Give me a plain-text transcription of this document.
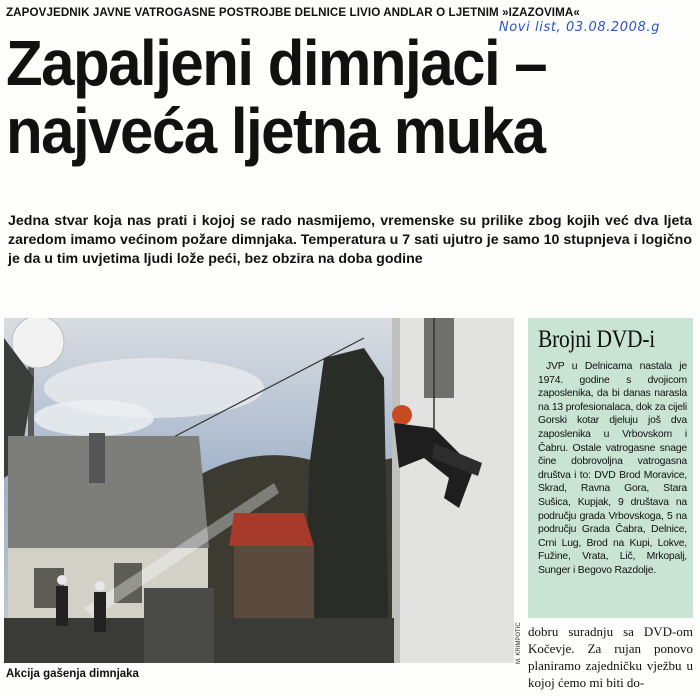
ZAPOVJEDNIK JAVNE VATROGASNE POSTROJBE DELNICE LIVIO ANDLAR O LJETNIM »IZAZOVIMA«
Novi list, 03.08.2008.g
Zapaljeni dimnjaci –
najveća ljetna muka
Jedna stvar koja nas prati i kojoj se rado nasmijemo, vremenske su prilike zbog kojih već dva ljeta zaredom imamo većinom požare dimnjaka. Temperatura u 7 sati ujutro je samo 10 stupnjeva i logično je da u tim uvjetima ljudi lože peći, bez obzira na doba godine
M. KRIMPOTIĆ
Akcija gašenja dimnjaka
Brojni DVD-i
JVP u Delnicama nastala je 1974. godine s dvojicom zaposlenika, da bi danas narasla na 13 profesionalaca, dok za cijeli Gorski kotar djeluju još dva zaposlenika u Vrbovskom i Čabru. Ostale vatrogasne snage čine dobrovoljna vatrogasna društva i to: DVD Brod Moravice, Skrad, Ravna Gora, Stara Sušica, Kupjak, 9 društava na području grada Vrbovskoga, 5 na području Grada Čabra, Delnice, Crni Lug, Brod na Kupi, Lokve, Fužine, Vrata, Lič, Mrkopalj, Sunger i Begovo Razdolje.
dobru suradnju sa DVD-om Kočevje. Za rujan ponovo planiramo zajedničku vježbu u kojoj ćemo mi biti do-
